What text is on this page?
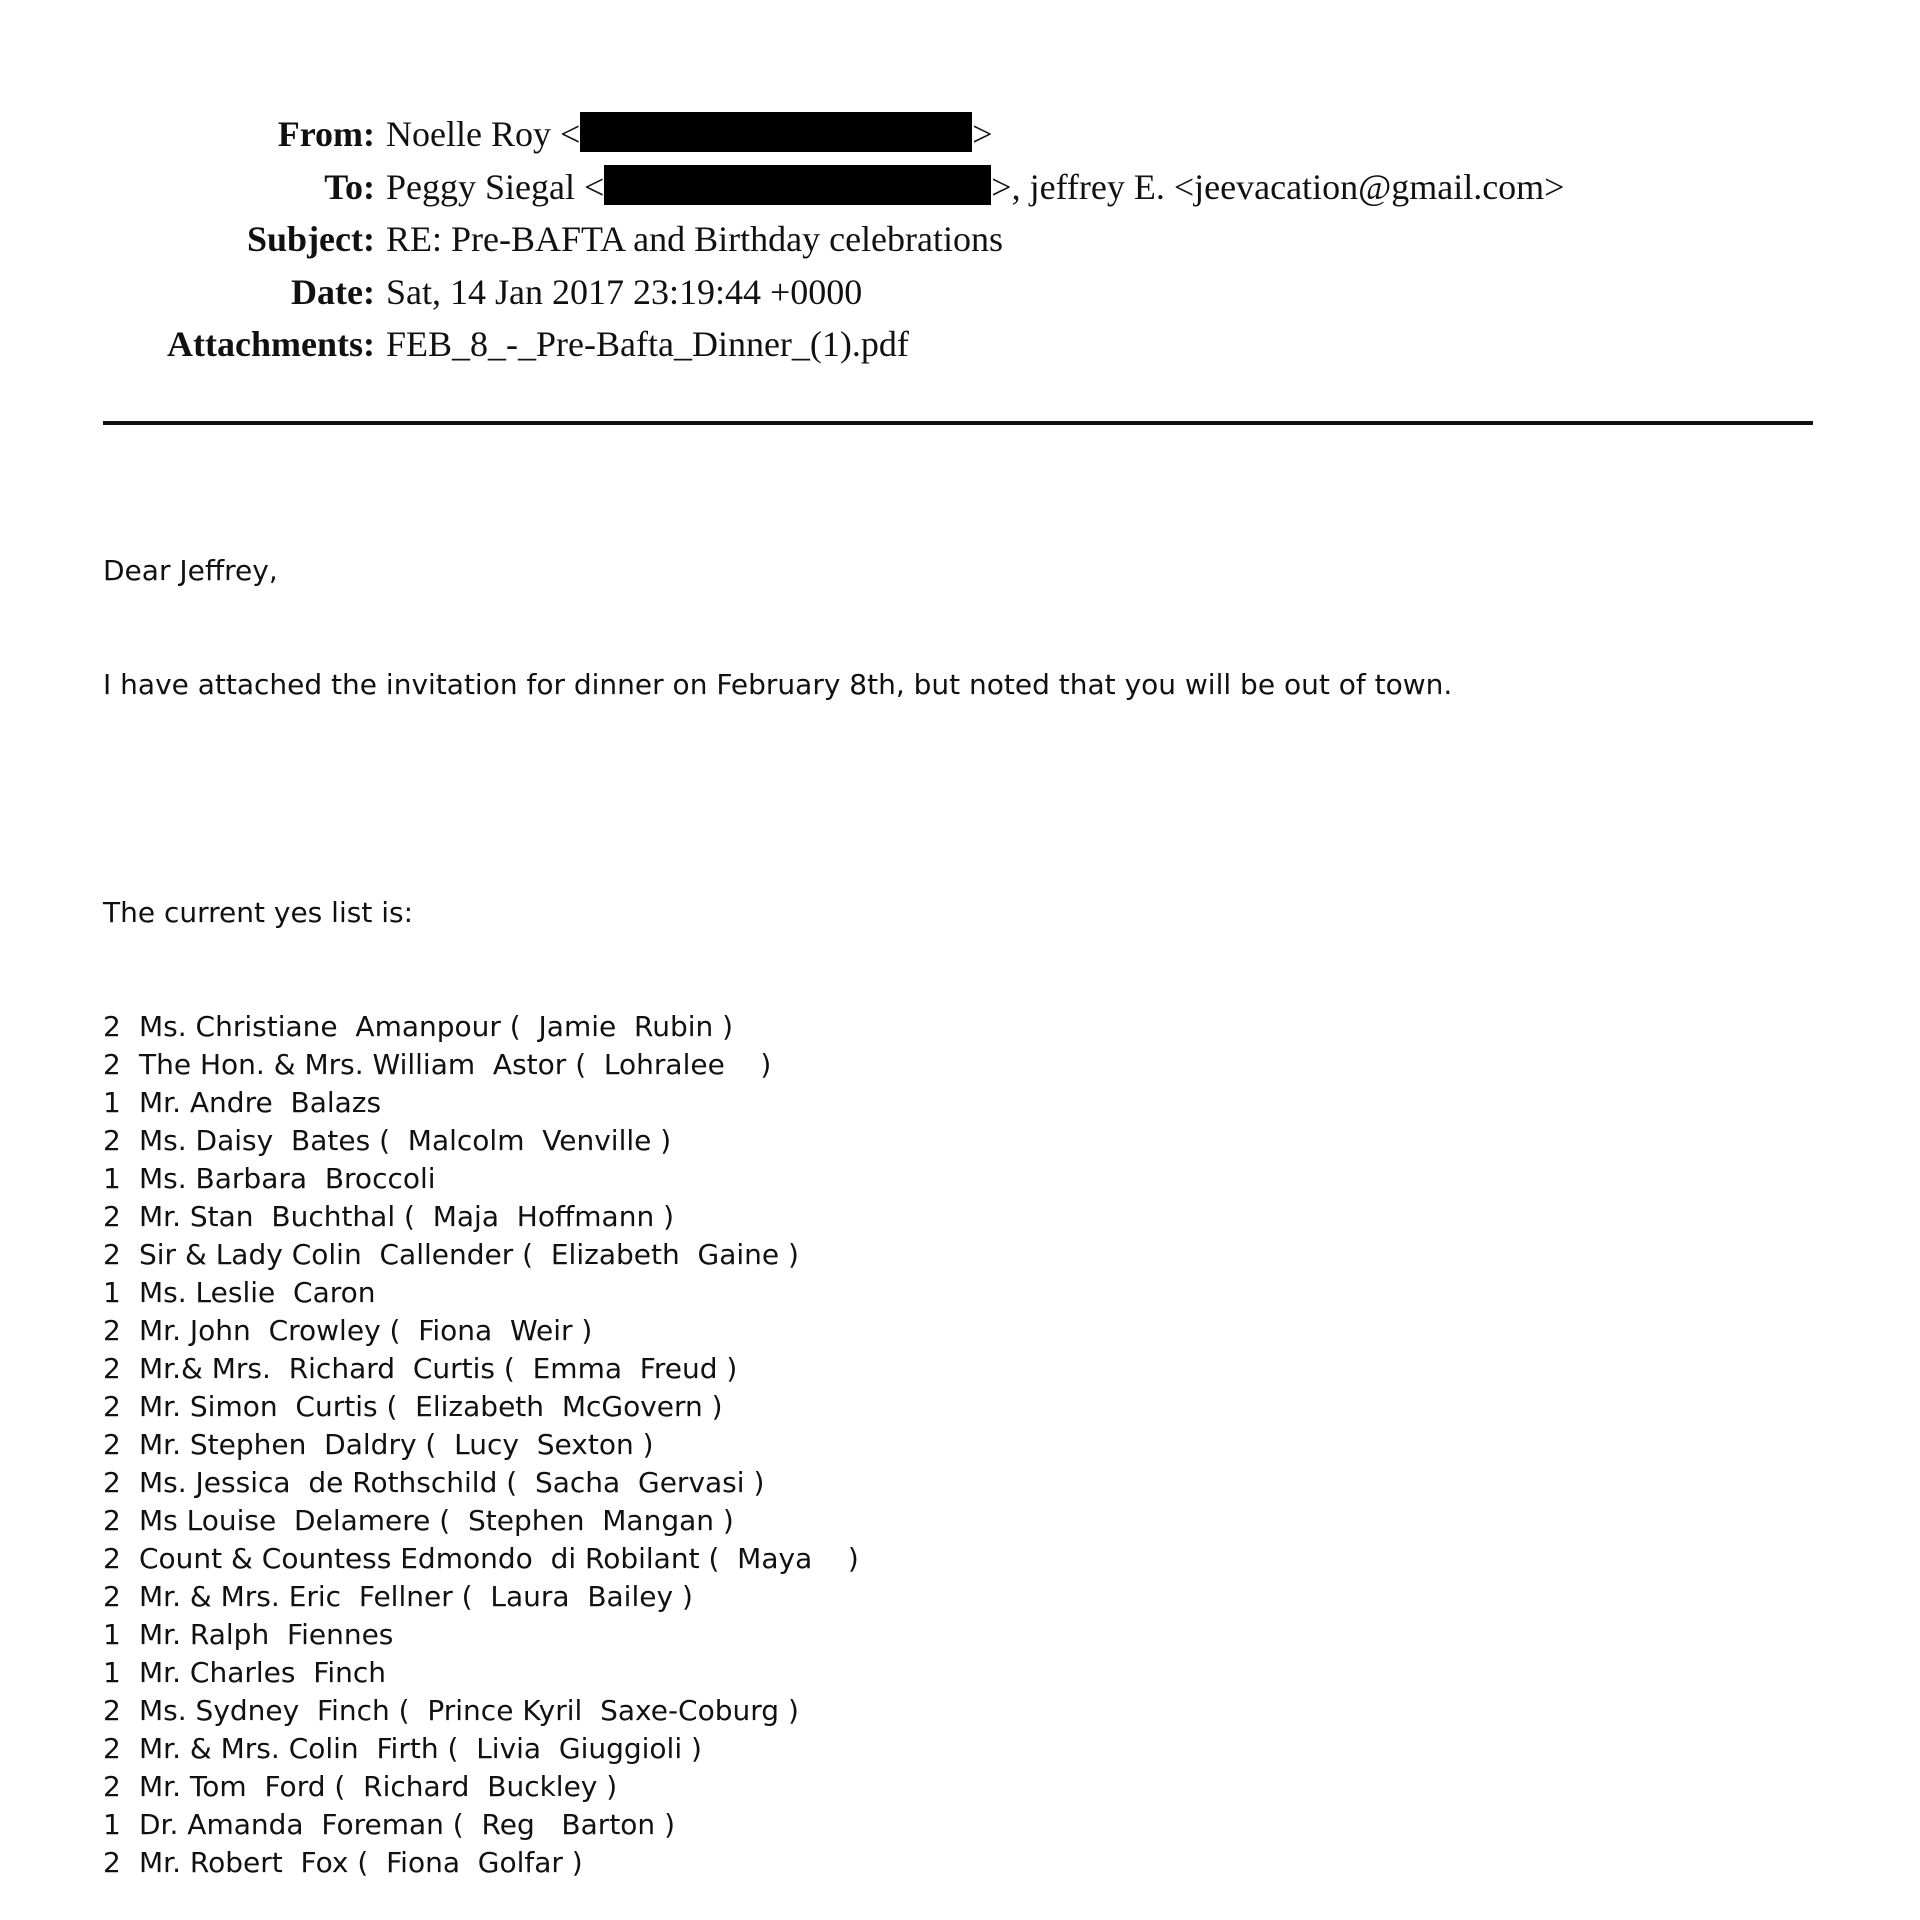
From: Noelle Roy <	>
To: Peggy Siegal <	>, jeffrey E. <jeevacation@gmail.com>
Subject: RE: Pre-BAFTA and Birthday celebrations
Date: Sat, 14 Jan 2017 23:19:44 +0000
Attachments: FEB_8_-_Pre-Bafta_Dinner_(1).pdf

Dear Jeffrey,

I have attached the invitation for dinner on February 8th, but noted that you will be out of town.

The current yes list is:

2 Ms. Christiane  Amanpour (  Jamie  Rubin )
2 The Hon. & Mrs. William  Astor (  Lohralee    )
1 Mr. Andre  Balazs
2 Ms. Daisy  Bates (  Malcolm  Venville )
1 Ms. Barbara  Broccoli
2 Mr. Stan  Buchthal (  Maja  Hoffmann )
2 Sir & Lady Colin  Callender (  Elizabeth  Gaine )
1 Ms. Leslie  Caron
2 Mr. John  Crowley (  Fiona  Weir )
2 Mr.& Mrs.  Richard  Curtis (  Emma  Freud )
2 Mr. Simon  Curtis (  Elizabeth  McGovern )
2 Mr. Stephen  Daldry (  Lucy  Sexton )
2 Ms. Jessica  de Rothschild (  Sacha  Gervasi )
2 Ms Louise  Delamere (  Stephen  Mangan )
2 Count & Countess Edmondo  di Robilant (  Maya    )
2 Mr. & Mrs. Eric  Fellner (  Laura  Bailey )
1 Mr. Ralph  Fiennes
1 Mr. Charles  Finch
2 Ms. Sydney  Finch (  Prince Kyril  Saxe-Coburg )
2 Mr. & Mrs. Colin  Firth (  Livia  Giuggioli )
2 Mr. Tom  Ford (  Richard  Buckley )
1 Dr. Amanda  Foreman (  Reg   Barton )
2 Mr. Robert  Fox (  Fiona  Golfar )
